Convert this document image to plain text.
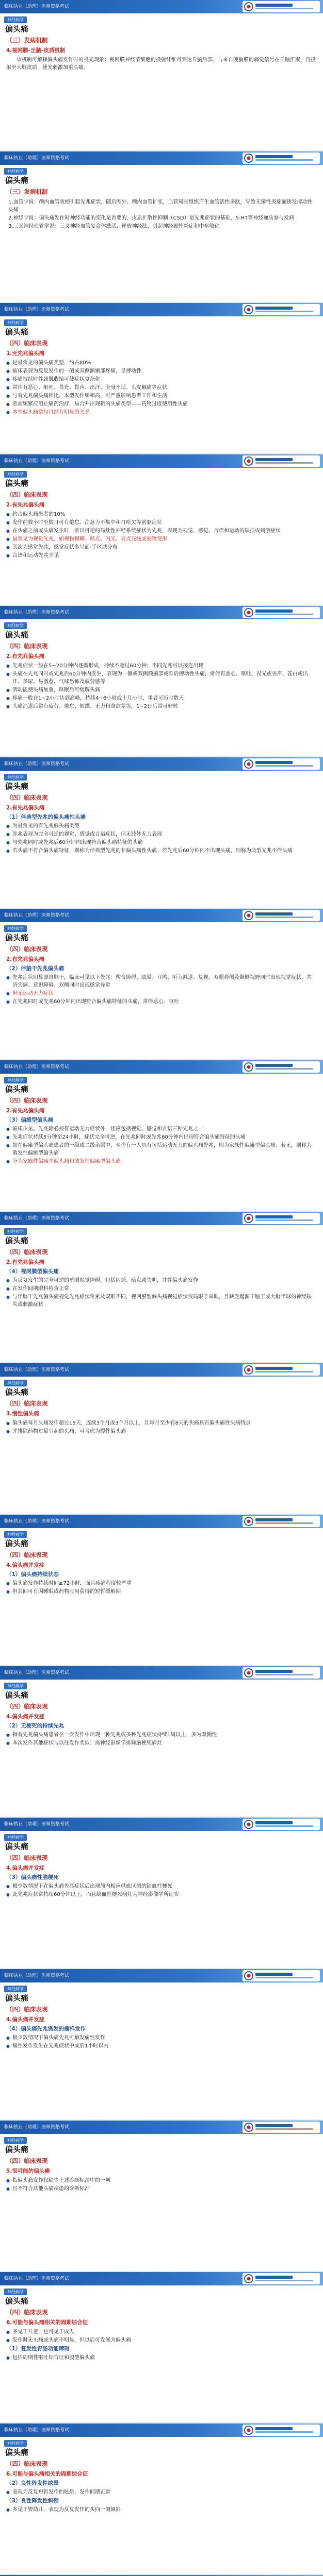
临床执业（助理）医师资格考试
神经病学
偏头痛
（三）发病机制
4.视网膜-丘脑-皮质机制
该机制可解释偏头痛发作时的畏光现象：视网膜神经节细胞的投射纤维可到达丘脑后部，与来自硬脑膜的痛觉信号在丘脑汇聚，再投射至大脑皮质，使光刺激加重头痛。
临床执业（助理）医师资格考试
神经病学
偏头痛
（三）发病机制
1.血管学说：颅内血管收缩引起先兆症状，随后颅外、颅内血管扩张，血管周围组织产生血管活性多肽，导致无菌性炎症而诱发搏动性头痛
2.神经学说：偏头痛发作时神经功能的变化是首要的，皮质扩散性抑制（CSD）是先兆症状的基础，5-HT等神经递质参与发病
3.三叉神经血管学说：三叉神经血管复合体激活，释放神经肽，引起神经源性炎症和中枢敏化
临床执业（助理）医师资格考试
神经病学
偏头痛
（四）临床表现
1.无先兆偏头痛
● 是最常见的偏头痛类型，约占80%
● 临床表现为反复发作的一侧或双侧额颞部疼痛，呈搏动性
● 疼痛持续时伴颈肌收缩可使症状复杂化
● 常伴有恶心、呕吐、畏光、畏声、出汗、全身不适、头皮触痛等症状
● 与有先兆偏头痛相比，本型发作频率高，可严重影响患者工作和生活
● 常需频繁应用止痛药治疗，易合并出现新的头痛类型——药物过度使用性头痛
● 本型偏头痛常与月经有明显的关系
临床执业（助理）医师资格考试
神经病学
偏头痛
（四）临床表现
2.有先兆偏头痛
● 约占偏头痛患者的10%
● 发作前数小时至数日可有倦怠、注意力不集中和打哈欠等前驱症状
● 在头痛之前或头痛发生时，常以可逆的局灶性神经系统症状为先兆，表现为视觉、感觉、言语和运动的缺损或刺激症状
● 最常见为视觉先兆，如视物模糊、暗点、闪光、亮点亮线或视物变形
● 其次为感觉先兆，感觉症状多呈面-手区域分布
● 言语和运动先兆少见
临床执业（助理）医师资格考试
神经病学
偏头痛
（四）临床表现
2.有先兆偏头痛
● 先兆症状一般在5~20分钟内逐渐形成，持续不超过60分钟；不同先兆可以接连出现
● 头痛在先兆同时或先兆后60分钟内发生，表现为一侧或双侧额颞部或眶后搏动性头痛，常伴有恶心、呕吐、畏光或畏声、苍白或出汗、多尿、易激惹、气味恐怖及疲劳感等
● 活动能使头痛加重，睡眠后可缓解头痛
● 疼痛一般在1~2小时达到高峰，持续4~6小时或十几小时，重者可历时数天
● 头痛消退后常有疲劳、倦怠、烦躁、无力和食欲差等，1~2日后常可好转
临床执业（助理）医师资格考试
神经病学
偏头痛
（四）临床表现
2.有先兆偏头痛
（1）伴典型先兆的偏头痛性头痛
● 为最常见的有先兆偏头痛类型
● 先兆表现为完全可逆的视觉、感觉或言语症状，但无肢体无力表现
● 与先兆同时或先兆后60分钟内出现符合偏头痛特征的头痛
● 若头痛不符合偏头痛特征，则称为伴典型先兆的非偏头痛性头痛；若先兆后60分钟内不出现头痛，则称为典型先兆不伴头痛
临床执业（助理）医师资格考试
神经病学
偏头痛
（四）临床表现
2.有先兆偏头痛
（2）伴脑干先兆偏头痛
● 先兆症状明显源自脑干，临床可见以下先兆：构音障碍、眩晕、耳鸣、听力减退、复视、双眼鼻侧及颞侧视野同时出现视觉症状、共济失调、意识障碍、双侧同时出现感觉异常
● 但无运动无力症状
● 在先兆同时或先兆60分钟内出现符合偏头痛特征的头痛，常伴恶心、呕吐
临床执业（助理）医师资格考试
神经病学
偏头痛
（四）临床表现
2.有先兆偏头痛
（3）偏瘫型偏头痛
● 临床少见。先兆除必须有运动无力症状外，还应包括视觉、感觉和言语三种先兆之一
● 先兆症状持续5分钟至24小时，症状完全可逆，在先兆同时或先兆60分钟内出现符合偏头痛特征的头痛
● 如在偏瘫型偏头痛患者的一级或二级亲属中，至少有一人具有包括运动无力的偏头痛先兆，则为家族性偏瘫型偏头痛；若无，则称为散发性偏瘫型偏头痛
● 分为家族性偏瘫型偏头痛和散发性偏瘫型偏头痛
临床执业（助理）医师资格考试
神经病学
偏头痛
（四）临床表现
2.有先兆偏头痛
（4）视网膜型偏头痛
● 为反复发生的完全可逆的单眼视觉障碍，包括闪烁、暗点或失明，并伴偏头痛发作
● 在发作间期眼科检查正常
● 与伴脑干先兆偏头痛视觉先兆症状常累及双眼不同，视网膜型偏头痛视觉症状仅局限于单眼，且缺乏起源于脑干或大脑半球的神经缺失或刺激症状
临床执业（助理）医师资格考试
神经病学
偏头痛
（四）临床表现
3.慢性偏头痛
● 偏头痛每月头痛发作超过15天，连续3个月或3个月以上，且每月至少有8天的头痛具有偏头痛性头痛特点
● 并排除药物过量引起的头痛，可考虑为慢性偏头痛
临床执业（助理）医师资格考试
神经病学
偏头痛
（四）临床表现
4.偏头痛并发症
（1）偏头痛持续状态
● 偏头痛发作持续时间≥72小时，而且疼痛程度较严重
● 但其间可有因睡眠或药物应用获得的短暂缓解期
临床执业（助理）医师资格考试
神经病学
偏头痛
（四）临床表现
4.偏头痛并发症
（2）无梗死的持续先兆
● 指有先兆偏头痛患者在一次发作中出现一种先兆或多种先兆症状持续1周以上，多为双侧性
● 本次发作其他症状与以往发作类似；需神经影像学排除脑梗死病灶
临床执业（助理）医师资格考试
神经病学
偏头痛
（四）临床表现
4.偏头痛并发症
（3）偏头痛性脑梗死
● 极少数情况下在偏头痛先兆症状后出现颅内相应供血区域的缺血性梗死
● 此先兆症状常持续60分钟以上，而且缺血性梗死病灶为神经影像学所证实
临床执业（助理）医师资格考试
神经病学
偏头痛
（四）临床表现
4.偏头痛并发症
（4）偏头痛先兆诱发的痫样发作
● 极少数情况下偏头痛先兆可触发痫性发作
● 痫性发作发生在先兆症状中或后1小时以内
临床执业（助理）医师资格考试
神经病学
偏头痛
（四）临床表现
5.很可能的偏头痛
● 指偏头痛发作仅缺少上述诊断标准中的一项
● 且不符合其他头痛疾患的诊断标准
临床执业（助理）医师资格考试
神经病学
偏头痛
（四）临床表现
6.可能与偏头痛相关的周期综合征
● 多见于儿童，也可见于成人
● 发作时无头痛或头痛不明显，但以后可发展为偏头痛
（1）复发性胃肠功能障碍
● 包括周期性呕吐综合征和腹型偏头痛
临床执业（助理）医师资格考试
神经病学
偏头痛
（四）临床表现
6.可能与偏头痛相关的周期综合征
（2）良性阵发性眩晕
● 表现为反复短暂发作的眩晕，发作间期正常
（3）良性阵发性斜颈
● 多见于婴幼儿，表现为反复发作的头向一侧倾斜
